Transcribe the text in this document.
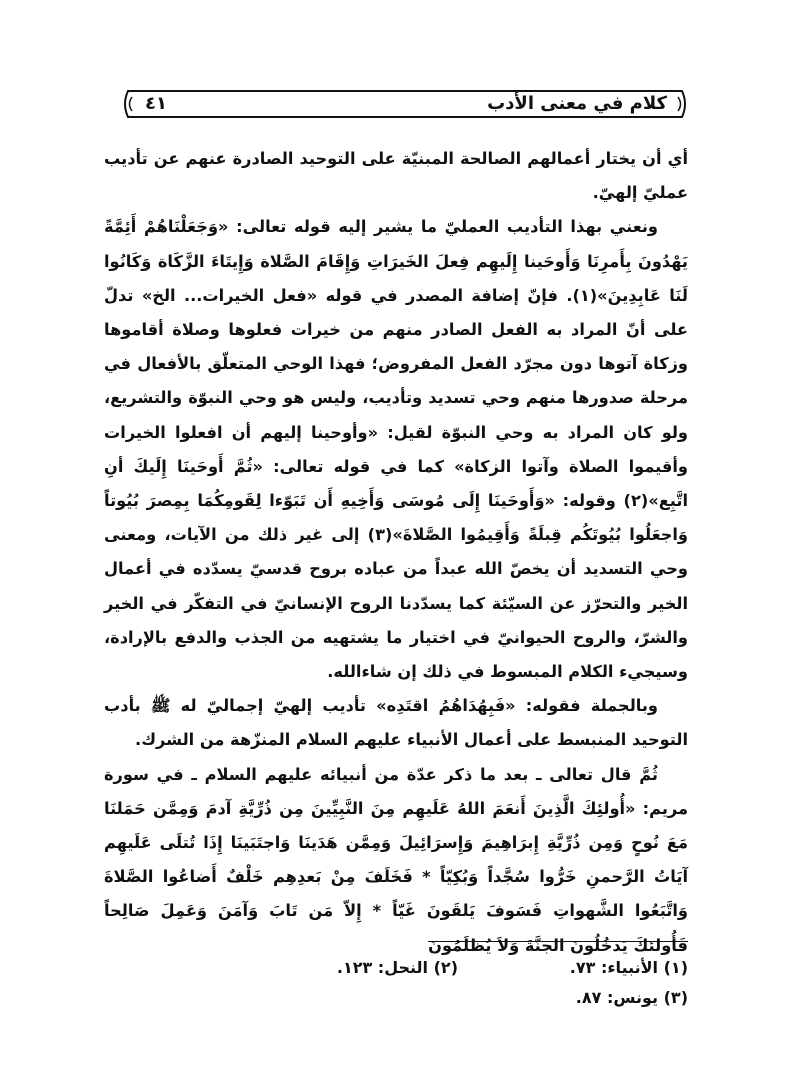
كلام في معنى الأدب
٤١

أي أن يختار أعمالهم الصالحة المبنيّة على التوحيد الصادرة عنهم عن تأديب عمليّ إلهيّ.

ونعني بهذا التأديب العمليّ ما يشير إليه قوله تعالى: «وَجَعَلْنَاهُمْ أَئِمَّةً يَهْدُونَ بِأَمرِنَا وَأَوحَينا إِلَيهِم فِعلَ الخَيرَاتِ وَإِقَامَ الصَّلاة وَإِيتَاءَ الزَّكَاة وَكَانُوا لَنَا عَابِدِينَ»(١). فإنّ إضافة المصدر في قوله «فعل الخيرات... الخ» تدلّ على أنّ المراد به الفعل الصادر منهم من خيرات فعلوها وصلاة أقاموها وزكاة آتوها دون مجرّد الفعل المفروض؛ فهذا الوحي المتعلّق بالأفعال في مرحلة صدورها منهم وحي تسديد وتأديب، وليس هو وحي النبوّة والتشريع، ولو كان المراد به وحي النبوّة لقيل: «وأوحينا إليهم أن افعلوا الخيرات وأقيموا الصلاة وآتوا الزكاة» كما في قوله تعالى: «ثُمَّ أَوحَينَا إِلَيكَ أنِ اتَّبِع»(٢) وقوله: «وَأَوحَينَا إِلَى مُوسَى وَأَخِيهِ أَن تَبَوّءا لِقَومِكُمَا بِمِصرَ بُيُوتاً وَاجعَلُوا بُيُوتَكُم قِبلَةً وَأَقِيمُوا الصَّلاةَ»(٣) إلى غير ذلك من الآيات، ومعنى وحي التسديد أن يخصّ الله عبداً من عباده بروح قدسيّ يسدّده في أعمال الخير والتحرّز عن السيّئة كما يسدّدنا الروح الإنسانيّ في التفكّر في الخير والشرّ، والروح الحيوانيّ في اختيار ما يشتهيه من الجذب والدفع بالإرادة، وسيجيء الكلام المبسوط في ذلك إن شاءالله.

وبالجملة فقوله: «فَبِهُدَاهُمُ اقتَدِه» تأديب إلهيّ إجماليّ له ﷺ بأدب التوحيد المنبسط على أعمال الأنبياء عليهم السلام المنزّهة من الشرك.

ثُمَّ قال تعالى ـ بعد ما ذكر عدّة من أنبيائه عليهم السلام ـ في سورة مريم: «أُولئِكَ الَّذِينَ أَنعَمَ اللهُ عَلَيهِم مِنَ النَّبِيِّينَ مِن ذُرِّيَّةِ آدمَ وَمِمَّن حَمَلنَا مَعَ نُوحٍ وَمِن ذُرِّيَّةِ إِبرَاهِيمَ وَإِسرَائِيلَ وَمِمَّن هَدَينَا وَاجتَبَينَا إِذَا تُتلَى عَلَيهِم آيَاتُ الرَّحمنِ خَرُّوا سُجَّداً وَبُكِيّاً * فَخَلَفَ مِنْ بَعدِهِم خَلْفٌ أَضاعُوا الصَّلاةَ وَاتَّبَعُوا الشَّهواتِ فَسَوفَ يَلقَونَ غَيّاً * إِلاّ مَن تَابَ وَآمَنَ وَعَمِلَ صَالِحاً فَأُولئكَ يَدخُلُونَ الجنَّةَ وَلاَ يُظلَمُونَ

(١) الأنبياء: ٧٣.
(٢) النحل: ١٢٣.
(٣) يونس: ٨٧.
